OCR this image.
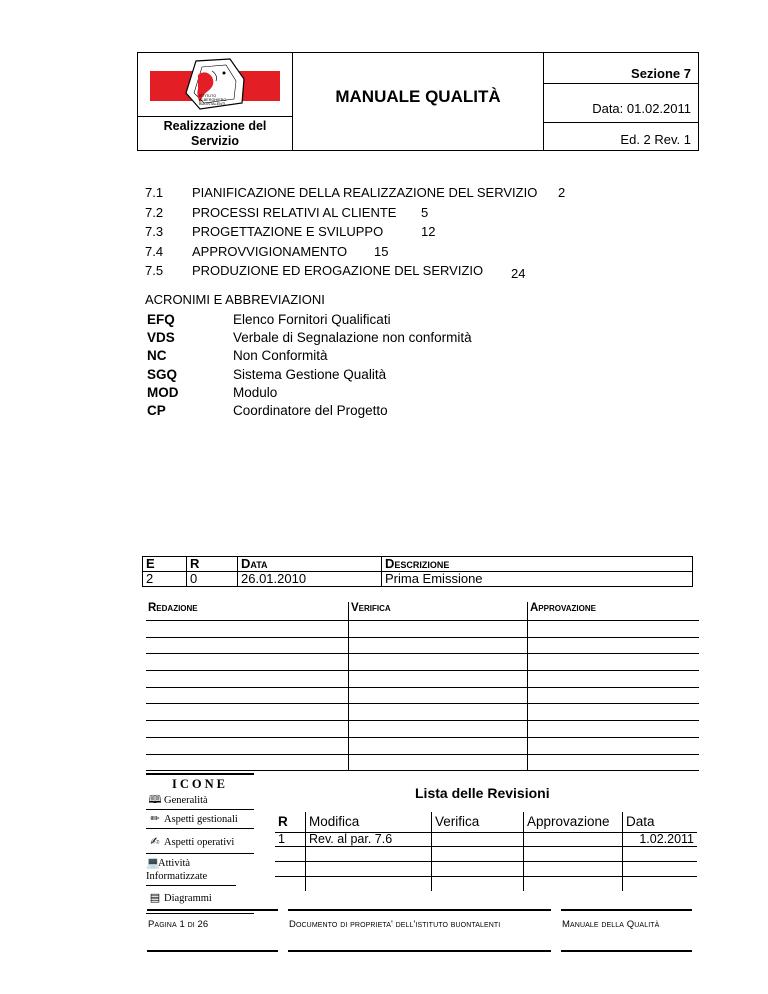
ISTITUTO
ALBERGHIERO
BUONTALENTI
Realizzazione del Servizio
MANUALE QUALITÀ
Sezione 7
Data: 01.02.2011
Ed. 2 Rev. 1
7.1 PIANIFICAZIONE DELLA REALIZZAZIONE DEL SERVIZIO 2
7.2 PROCESSI RELATIVI AL CLIENTE 5
7.3 PROGETTAZIONE E SVILUPPO	12
7.4 APPROVVIGIONAMENTO 15
7.5 PRODUZIONE ED EROGAZIONE DEL SERVIZIO 24
ACRONIMI E ABBREVIAZIONI
EFQ	Elenco Fornitori Qualificati
VDS	Verbale di Segnalazione non conformità
NC	Non Conformità
SGQ	Sistema Gestione Qualità
MOD	Modulo
CP	Coordinatore del Progetto
E	R	Data	Descrizione
2	0	26.01.2010	Prima Emissione
Redazione	Verifica	Approvazione

ICONE
🕮 Generalità
✏ Aspetti gestionali
✍ Aspetti operativi
💻Attività Informatizzate
▤ Diagrammi
Lista delle Revisioni
R	Modifica	Verifica	Approvazione	Data
1	Rev. al par. 7.6			1.02.2011

Pagina 1 di 26	Documento di proprieta' dell'istituto buontalenti	Manuale della Qualità
